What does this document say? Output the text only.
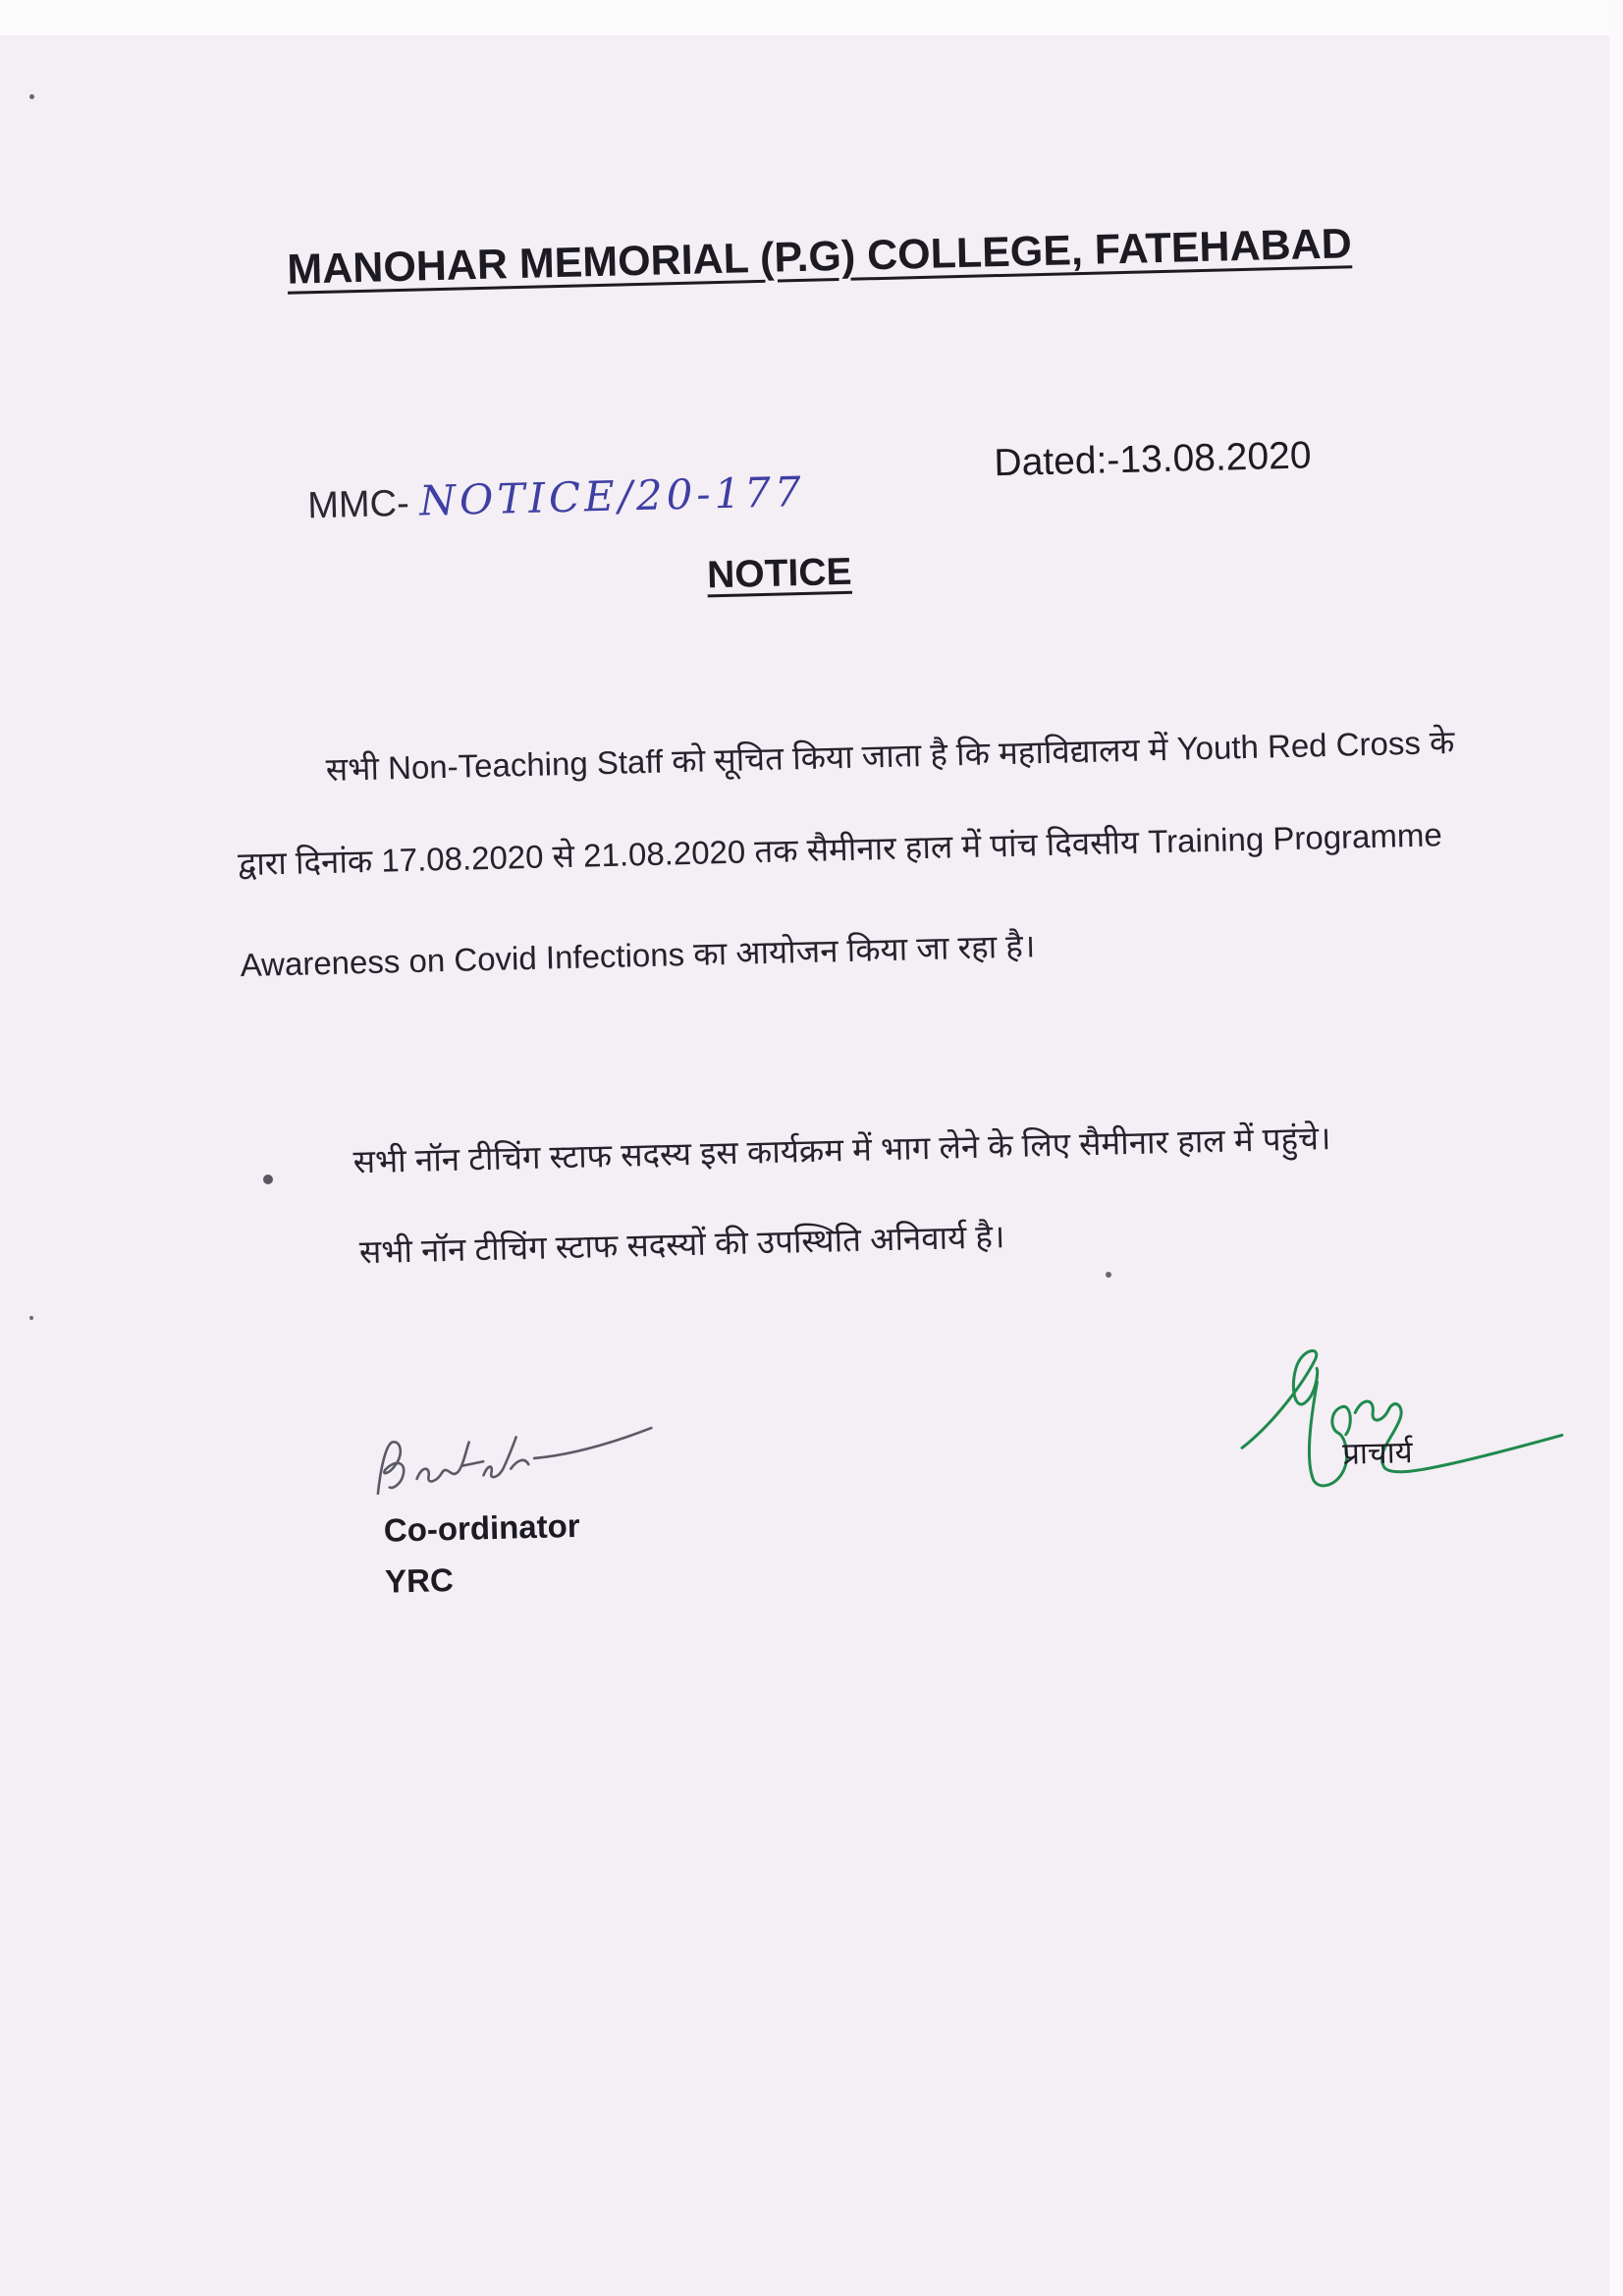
MANOHAR MEMORIAL (P.G) COLLEGE, FATEHABAD
MMC- NOTICE/20-177
Dated:-13.08.2020
NOTICE
सभी Non-Teaching Staff को सूचित किया जाता है कि महाविद्यालय में Youth Red Cross के
द्वारा दिनांक 17.08.2020 से 21.08.2020 तक सैमीनार हाल में पांच दिवसीय Training Programme
Awareness on Covid Infections का आयोजन किया जा रहा है।
सभी नॉन टीचिंग स्टाफ सदस्य इस कार्यक्रम में भाग लेने के लिए सैमीनार हाल में पहुंचे।
सभी नॉन टीचिंग स्टाफ सदस्यों की उपस्थिति अनिवार्य है।
Co-ordinator
YRC
प्राचार्य
